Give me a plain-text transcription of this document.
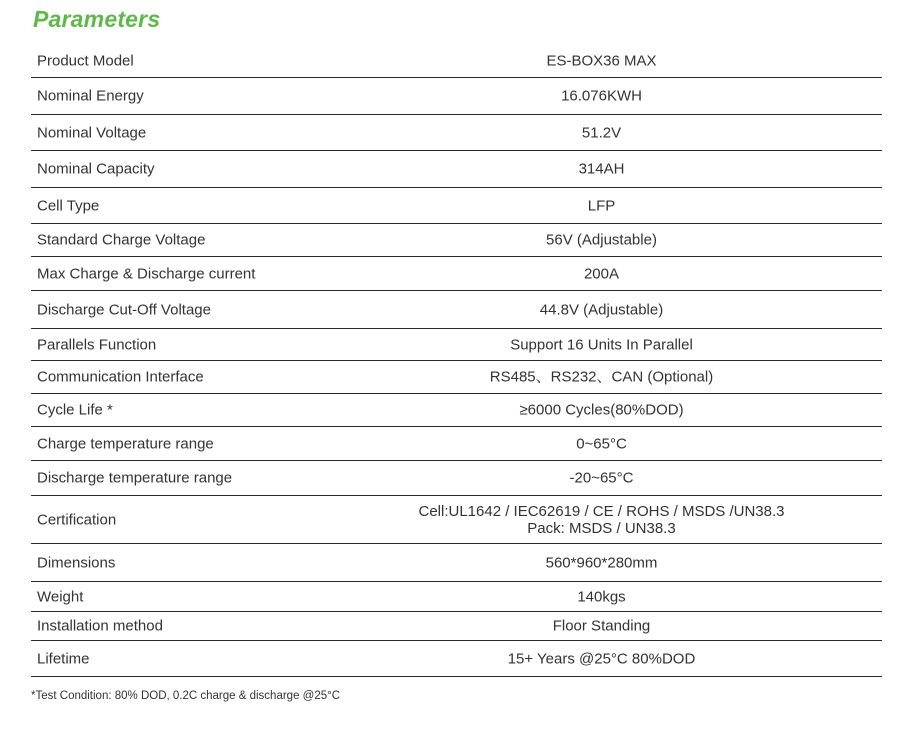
Parameters
Product Model	ES-BOX36 MAX
Nominal Energy	16.076KWH
Nominal Voltage	51.2V
Nominal Capacity	314AH
Cell Type	LFP
Standard Charge Voltage	56V (Adjustable)
Max Charge & Discharge current	200A
Discharge Cut-Off Voltage	44.8V (Adjustable)
Parallels Function	Support 16 Units In Parallel
Communication Interface	RS485、RS232、CAN (Optional)
Cycle Life *	≥6000 Cycles(80%DOD)
Charge temperature range	0~65°C
Discharge temperature range	-20~65°C
Certification	Cell:UL1642 / IEC62619 / CE / ROHS / MSDS /UN38.3
Pack: MSDS / UN38.3
Dimensions	560*960*280mm
Weight	140kgs
Installation method	Floor Standing
Lifetime	15+ Years @25°C 80%DOD
*Test Condition: 80% DOD, 0.2C charge & discharge @25°C
